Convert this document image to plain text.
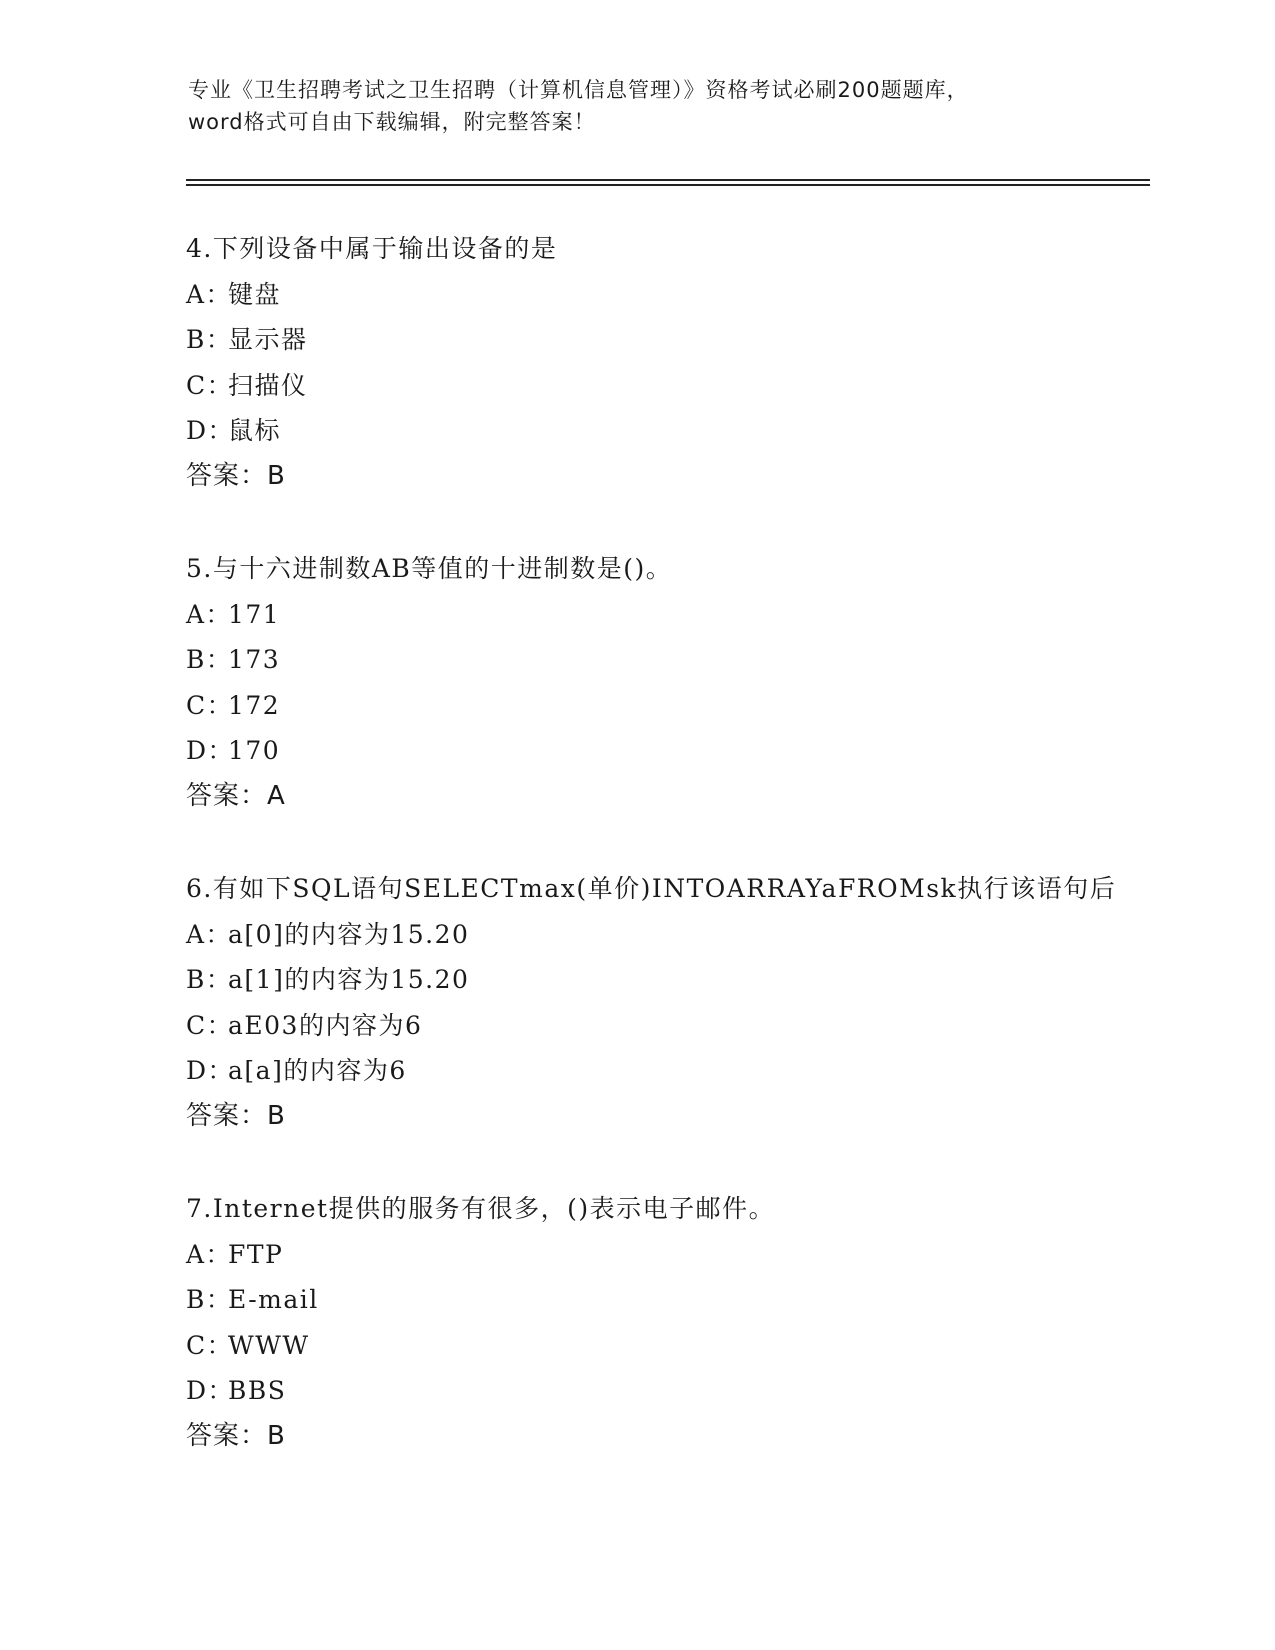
专业《卫生招聘考试之卫生招聘（计算机信息管理）》资格考试必刷200题题库，
word格式可自由下载编辑，附完整答案！
4.下列设备中属于输出设备的是
A：键盘
B：显示器
C：扫描仪
D：鼠标
答案：B
5.与十六进制数AB等值的十进制数是()。
A：171
B：173
C：172
D：170
答案：A
6.有如下SQL语句SELECTmax(单价)INTOARRAYaFROMsk执行该语句后
A：a[0]的内容为15.20
B：a[1]的内容为15.20
C：aE03的内容为6
D：a[a]的内容为6
答案：B
7.Internet提供的服务有很多，()表示电子邮件。
A：FTP
B：E-mail
C：WWW
D：BBS
答案：B
